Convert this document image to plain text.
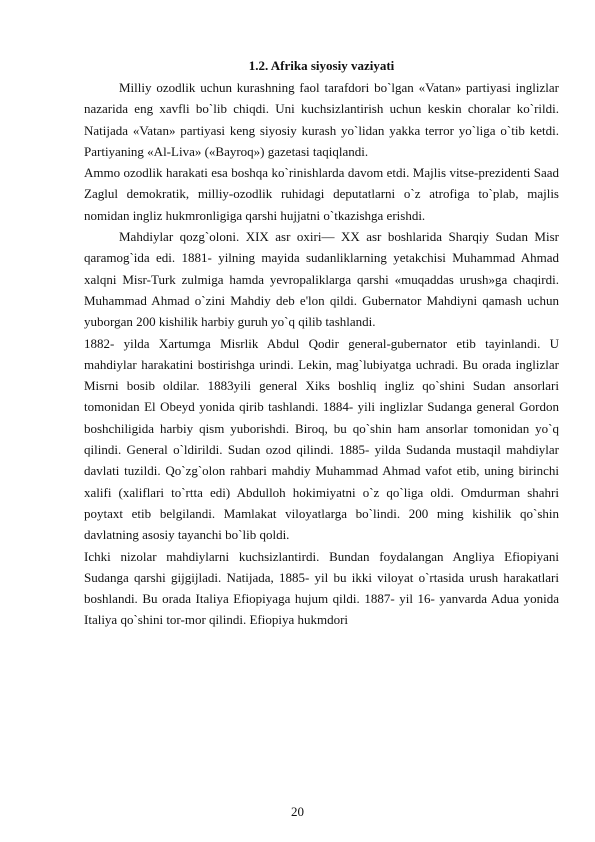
1.2. Afrika siyosiy vaziyati

Milliy ozodlik uchun kurashning faol tarafdori bo`lgan «Vatan» partiyasi inglizlar nazarida eng xavfli bo`lib chiqdi. Uni kuchsizlantirish uchun keskin choralar ko`rildi. Natijada «Vatan» partiyasi keng siyosiy kurash yo`lidan yakka terror yo`liga o`tib ketdi. Partiyaning «Al-Liva» («Bayroq») gazetasi taqiqlandi.

Ammo ozodlik harakati esa boshqa ko`rinishlarda davom etdi. Majlis vitse-prezidenti Saad Zaglul demokratik, milliy-ozodlik ruhidagi deputatlarni o`z atrofiga to`plab, majlis nomidan ingliz hukmronligiga qarshi hujjatni o`tkazishga erishdi.

Mahdiylar qozg`oloni. XIX asr oxiri— XX asr boshlarida Sharqiy Sudan Misr qaramog`ida edi. 1881- yilning mayida sudanliklarning yetakchisi Muhammad Ahmad xalqni Misr-Turk zulmiga hamda yevropaliklarga qarshi «muqaddas urush»ga chaqirdi. Muhammad Ahmad o`zini Mahdiy deb e'lon qildi. Gubernator Mahdiyni qamash uchun yuborgan 200 kishilik harbiy guruh yo`q qilib tashlandi.

1882- yilda Xartumga Misrlik Abdul Qodir general-gubernator etib tayinlandi. U mahdiylar harakatini bostirishga urindi. Lekin, mag`lubiyatga uchradi. Bu orada inglizlar Misrni bosib oldilar. 1883yili general Xiks boshliq ingliz qo`shini Sudan ansorlari tomonidan El Obeyd yonida qirib tashlandi. 1884- yili inglizlar Sudanga general Gordon boshchiligida harbiy qism yuborishdi. Biroq, bu qo`shin ham ansorlar tomonidan yo`q qilindi. General o`ldirildi. Sudan ozod qilindi. 1885- yilda Sudanda mustaqil mahdiylar davlati tuzildi. Qo`zg`olon rahbari mahdiy Muhammad Ahmad vafot etib, uning birinchi xalifi (xaliflari to`rtta edi) Abdulloh hokimiyatni o`z qo`liga oldi. Omdurman shahri poytaxt etib belgilandi. Mamlakat viloyatlarga bo`lindi. 200 ming kishilik qo`shin davlatning asosiy tayanchi bo`lib qoldi.

Ichki nizolar mahdiylarni kuchsizlantirdi. Bundan foydalangan Angliya Efiopiyani Sudanga qarshi gijgijladi. Natijada, 1885- yil bu ikki viloyat o`rtasida urush harakatlari boshlandi. Bu orada Italiya Efiopiyaga hujum qildi. 1887- yil 16- yanvarda Adua yonida Italiya qo`shini tor-mor qilindi. Efiopiya hukmdori

20
